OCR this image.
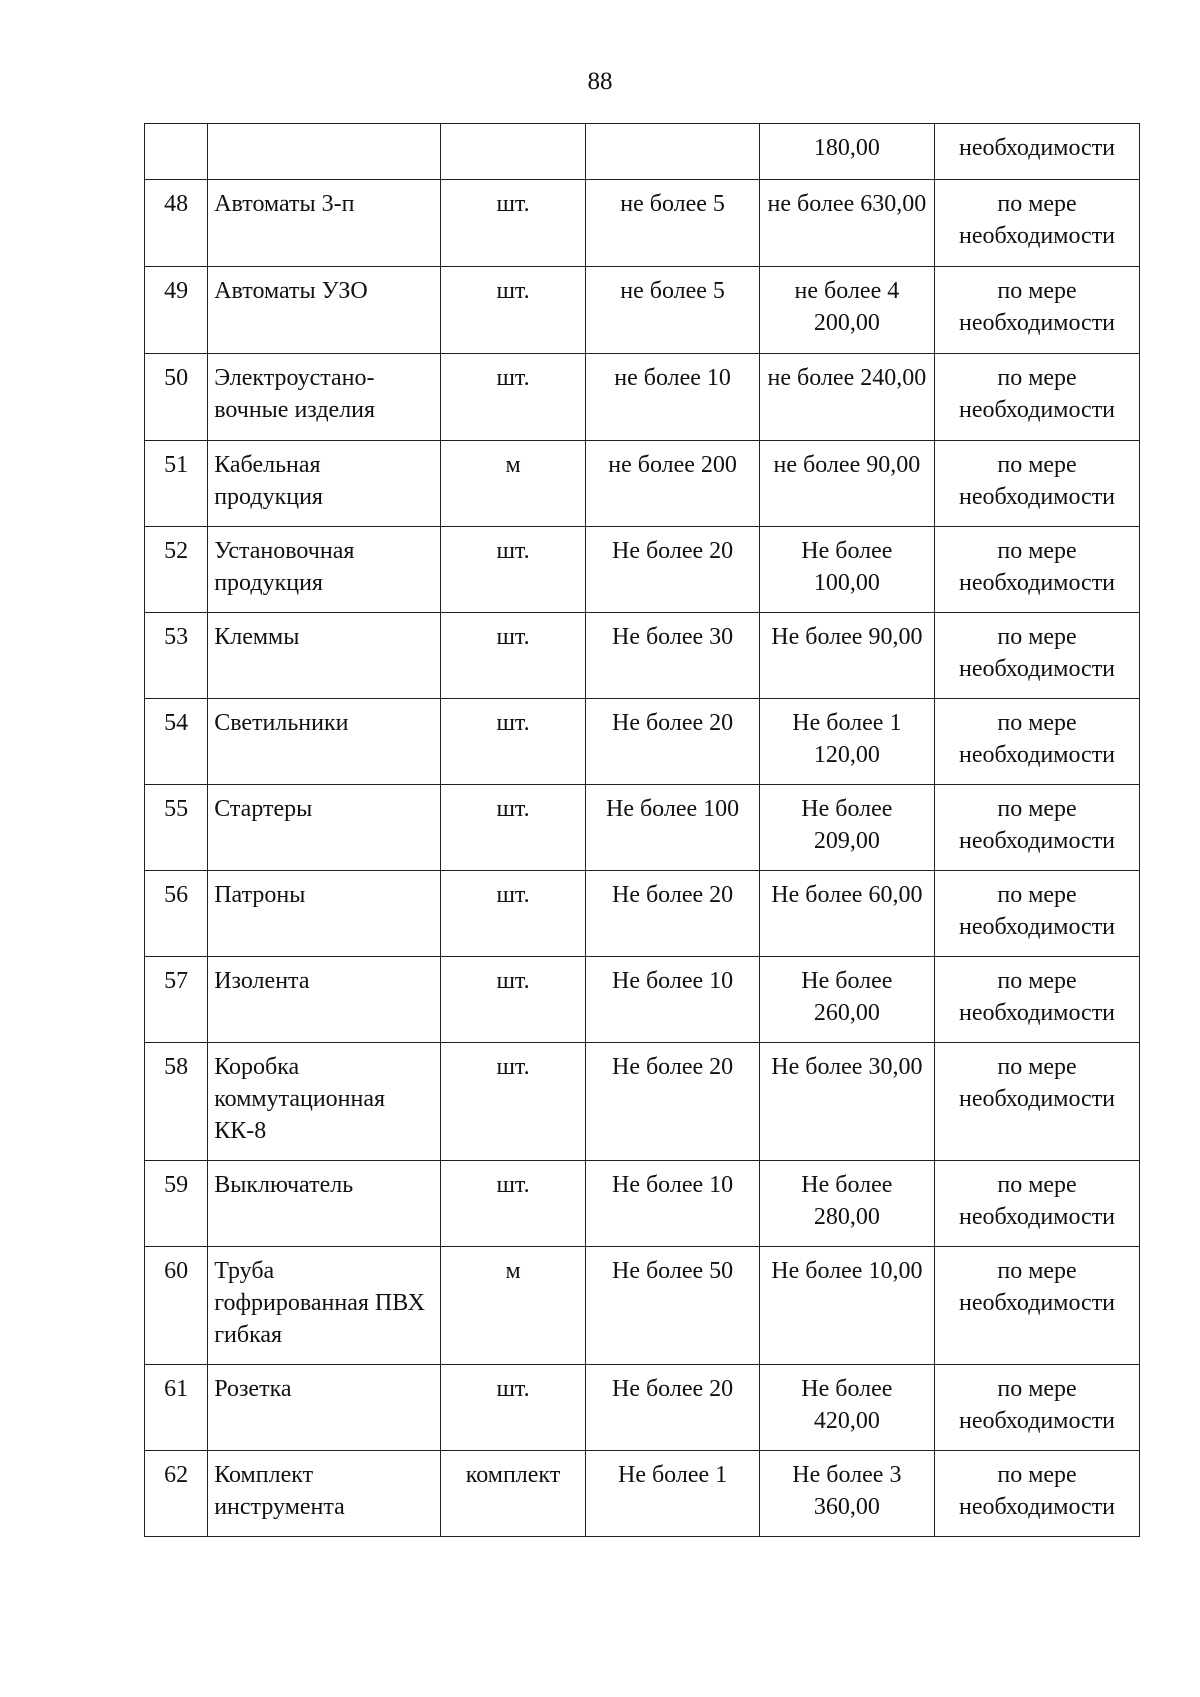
88
				180,00	необходимости
48	Автоматы 3-п	шт.	не более 5	не более 630,00	по мере необходимости
49	Автоматы УЗО	шт.	не более 5	не более 4 200,00	по мере необходимости
50	Электроустано-вочные изделия	шт.	не более 10	не более 240,00	по мере необходимости
51	Кабельная продукция	м	не более 200	не более 90,00	по мере необходимости
52	Установочная продукция	шт.	Не более 20	Не более 100,00	по мере необходимости
53	Клеммы	шт.	Не более 30	Не более 90,00	по мере необходимости
54	Светильники	шт.	Не более 20	Не более 1 120,00	по мере необходимости
55	Стартеры	шт.	Не более 100	Не более 209,00	по мере необходимости
56	Патроны	шт.	Не более 20	Не более 60,00	по мере необходимости
57	Изолента	шт.	Не более 10	Не более 260,00	по мере необходимости
58	Коробка коммутационная КК-8	шт.	Не более 20	Не более 30,00	по мере необходимости
59	Выключатель	шт.	Не более 10	Не более 280,00	по мере необходимости
60	Труба гофрированная ПВХ гибкая	м	Не более 50	Не более 10,00	по мере необходимости
61	Розетка	шт.	Не более 20	Не более 420,00	по мере необходимости
62	Комплект инструмента	комплект	Не более 1	Не более 3 360,00	по мере необходимости
